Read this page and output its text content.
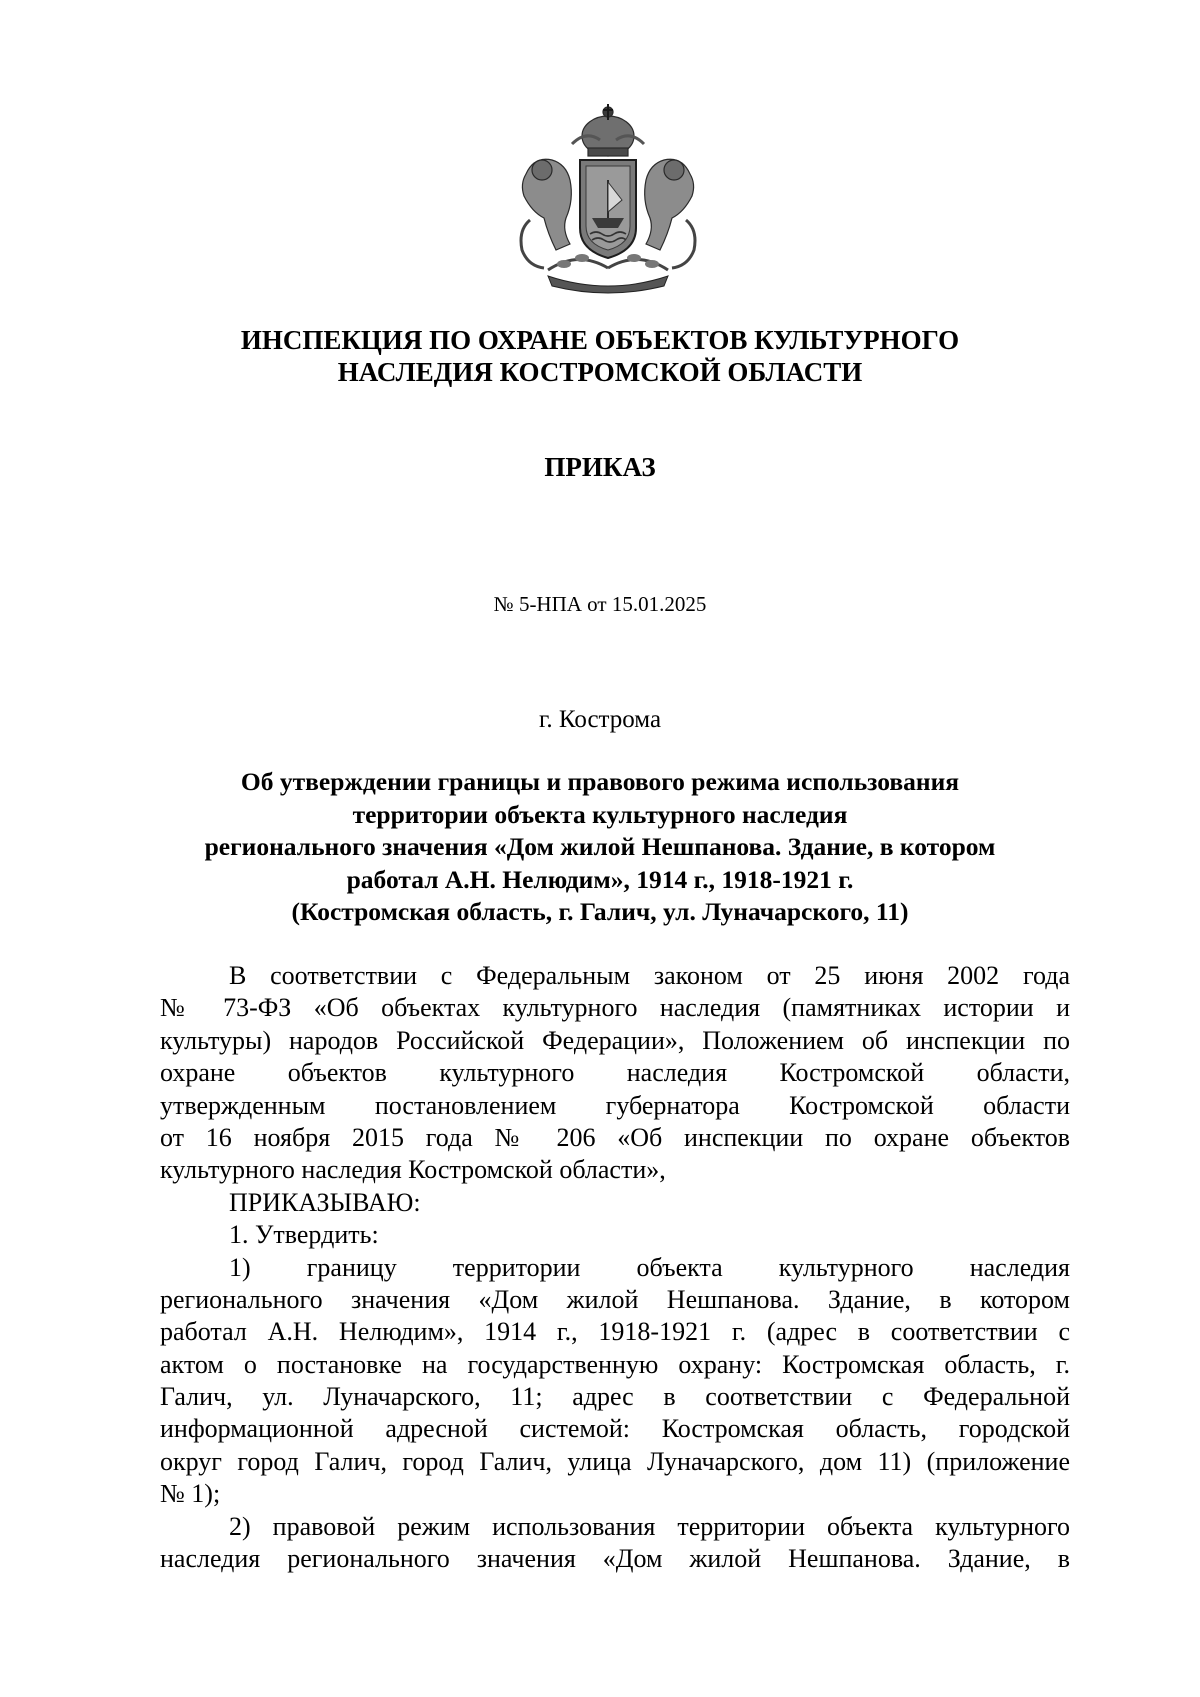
ИНСПЕКЦИЯ ПО ОХРАНЕ ОБЪЕКТОВ КУЛЬТУРНОГО
НАСЛЕДИЯ КОСТРОМСКОЙ ОБЛАСТИ
ПРИКАЗ
№ 5-НПА от 15.01.2025
г. Кострома
Об утверждении границы и правового режима использования
территории объекта культурного наследия
регионального значения «Дом жилой Нешпанова. Здание, в котором
работал А.Н. Нелюдим», 1914 г., 1918-1921 г.
(Костромская область, г. Галич, ул. Луначарского, 11)
В соответствии с Федеральным законом от 25 июня 2002 года
№ 73-ФЗ «Об объектах культурного наследия (памятниках истории и
культуры) народов Российской Федерации», Положением об инспекции по
охране объектов культурного наследия Костромской области,
утвержденным постановлением губернатора Костромской области
от 16 ноября 2015 года № 206 «Об инспекции по охране объектов
культурного наследия Костромской области»,
ПРИКАЗЫВАЮ:
1. Утвердить:
1) границу территории объекта культурного наследия
регионального значения «Дом жилой Нешпанова. Здание, в котором
работал А.Н. Нелюдим», 1914 г., 1918-1921 г. (адрес в соответствии с
актом о постановке на государственную охрану: Костромская область, г.
Галич, ул. Луначарского, 11; адрес в соответствии с Федеральной
информационной адресной системой: Костромская область, городской
округ город Галич, город Галич, улица Луначарского, дом 11) (приложение
№ 1);
2) правовой режим использования территории объекта культурного
наследия регионального значения «Дом жилой Нешпанова. Здание, в
